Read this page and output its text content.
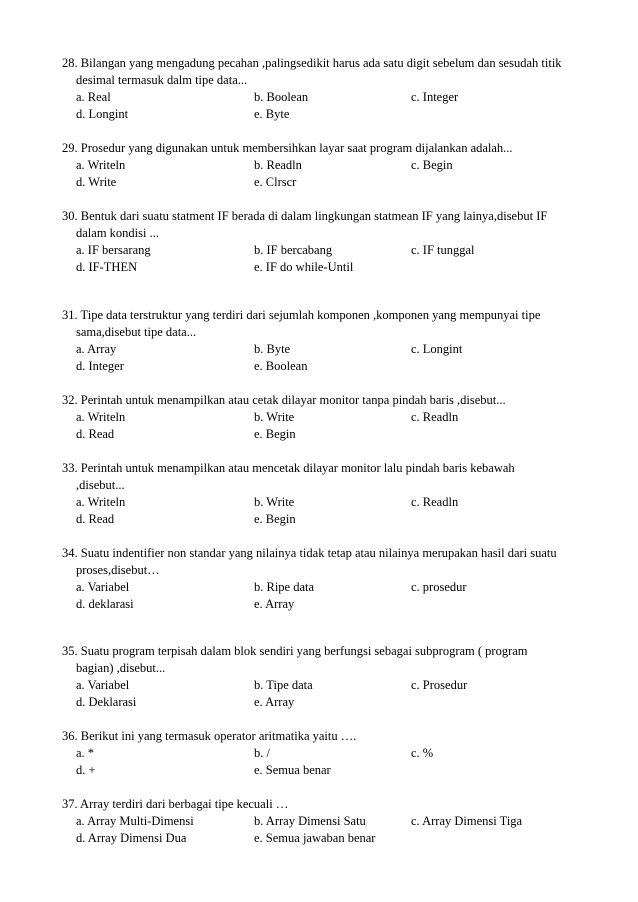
28. Bilangan yang mengadung pecahan ,palingsedikit harus ada satu digit sebelum dan sesudah titik
desimal termasuk dalm tipe data...
a. Real	b. Boolean	c. Integer
d. Longint	e. Byte
29. Prosedur yang digunakan untuk membersihkan layar saat program dijalankan adalah...
a. Writeln	b. Readln	c. Begin
d. Write	e. Clrscr
30. Bentuk dari suatu statment IF berada di dalam lingkungan statmean IF yang lainya,disebut IF
dalam kondisi ...
a. IF bersarang	b. IF bercabang	c. IF tunggal
d. IF-THEN	e. IF do while-Until
31. Tipe data terstruktur yang terdiri dari sejumlah komponen ,komponen yang mempunyai tipe
sama,disebut tipe data...
a. Array	b. Byte	c. Longint
d. Integer	e. Boolean
32. Perintah untuk menampilkan atau cetak dilayar monitor tanpa pindah baris ,disebut...
a. Writeln	b. Write	c. Readln
d. Read	e. Begin
33. Perintah untuk menampilkan atau mencetak dilayar monitor lalu pindah baris kebawah
,disebut...
a. Writeln	b. Write	c. Readln
d. Read	e. Begin
34. Suatu indentifier non standar yang nilainya tidak tetap atau nilainya merupakan hasil dari suatu
proses,disebut…
a. Variabel	b. Ripe data	c. prosedur
d. deklarasi	e. Array
35. Suatu program terpisah dalam blok sendiri yang berfungsi sebagai subprogram ( program
bagian) ,disebut...
a. Variabel	b. Tipe data	c. Prosedur
d. Deklarasi	e. Array
36. Berikut ini yang termasuk operator aritmatika yaitu ….
a. *	b. /	c. %
d. +	e. Semua benar
37. Array terdiri dari berbagai tipe kecuali …
a. Array Multi-Dimensi	b. Array Dimensi Satu	c. Array Dimensi Tiga
d. Array Dimensi Dua	e. Semua jawaban benar
